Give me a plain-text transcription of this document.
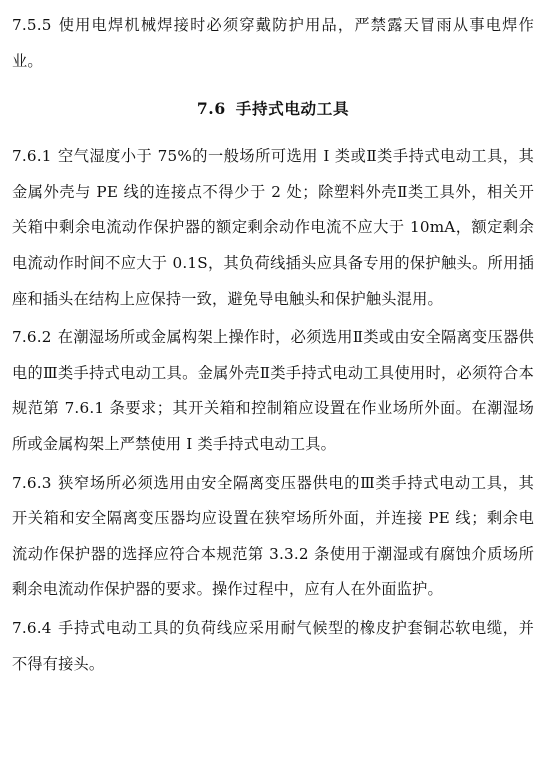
7.5.5 使用电焊机械焊接时必须穿戴防护用品，严禁露天冒雨从事电焊作业。

7.6 手持式电动工具

7.6.1 空气湿度小于 75%的一般场所可选用 I 类或Ⅱ类手持式电动工具，其金属外壳与 PE 线的连接点不得少于 2 处；除塑料外壳Ⅱ类工具外，相关开关箱中剩余电流动作保护器的额定剩余动作电流不应大于 10mA，额定剩余电流动作时间不应大于 0.1S，其负荷线插头应具备专用的保护触头。所用插座和插头在结构上应保持一致，避免导电触头和保护触头混用。

7.6.2 在潮湿场所或金属构架上操作时，必须选用Ⅱ类或由安全隔离变压器供电的Ⅲ类手持式电动工具。金属外壳Ⅱ类手持式电动工具使用时，必须符合本规范第 7.6.1 条要求；其开关箱和控制箱应设置在作业场所外面。在潮湿场所或金属构架上严禁使用 I 类手持式电动工具。

7.6.3 狭窄场所必须选用由安全隔离变压器供电的Ⅲ类手持式电动工具，其开关箱和安全隔离变压器均应设置在狭窄场所外面，并连接 PE 线；剩余电流动作保护器的选择应符合本规范第 3.3.2 条使用于潮湿或有腐蚀介质场所剩余电流动作保护器的要求。操作过程中，应有人在外面监护。

7.6.4 手持式电动工具的负荷线应采用耐气候型的橡皮护套铜芯软电缆，并不得有接头。
